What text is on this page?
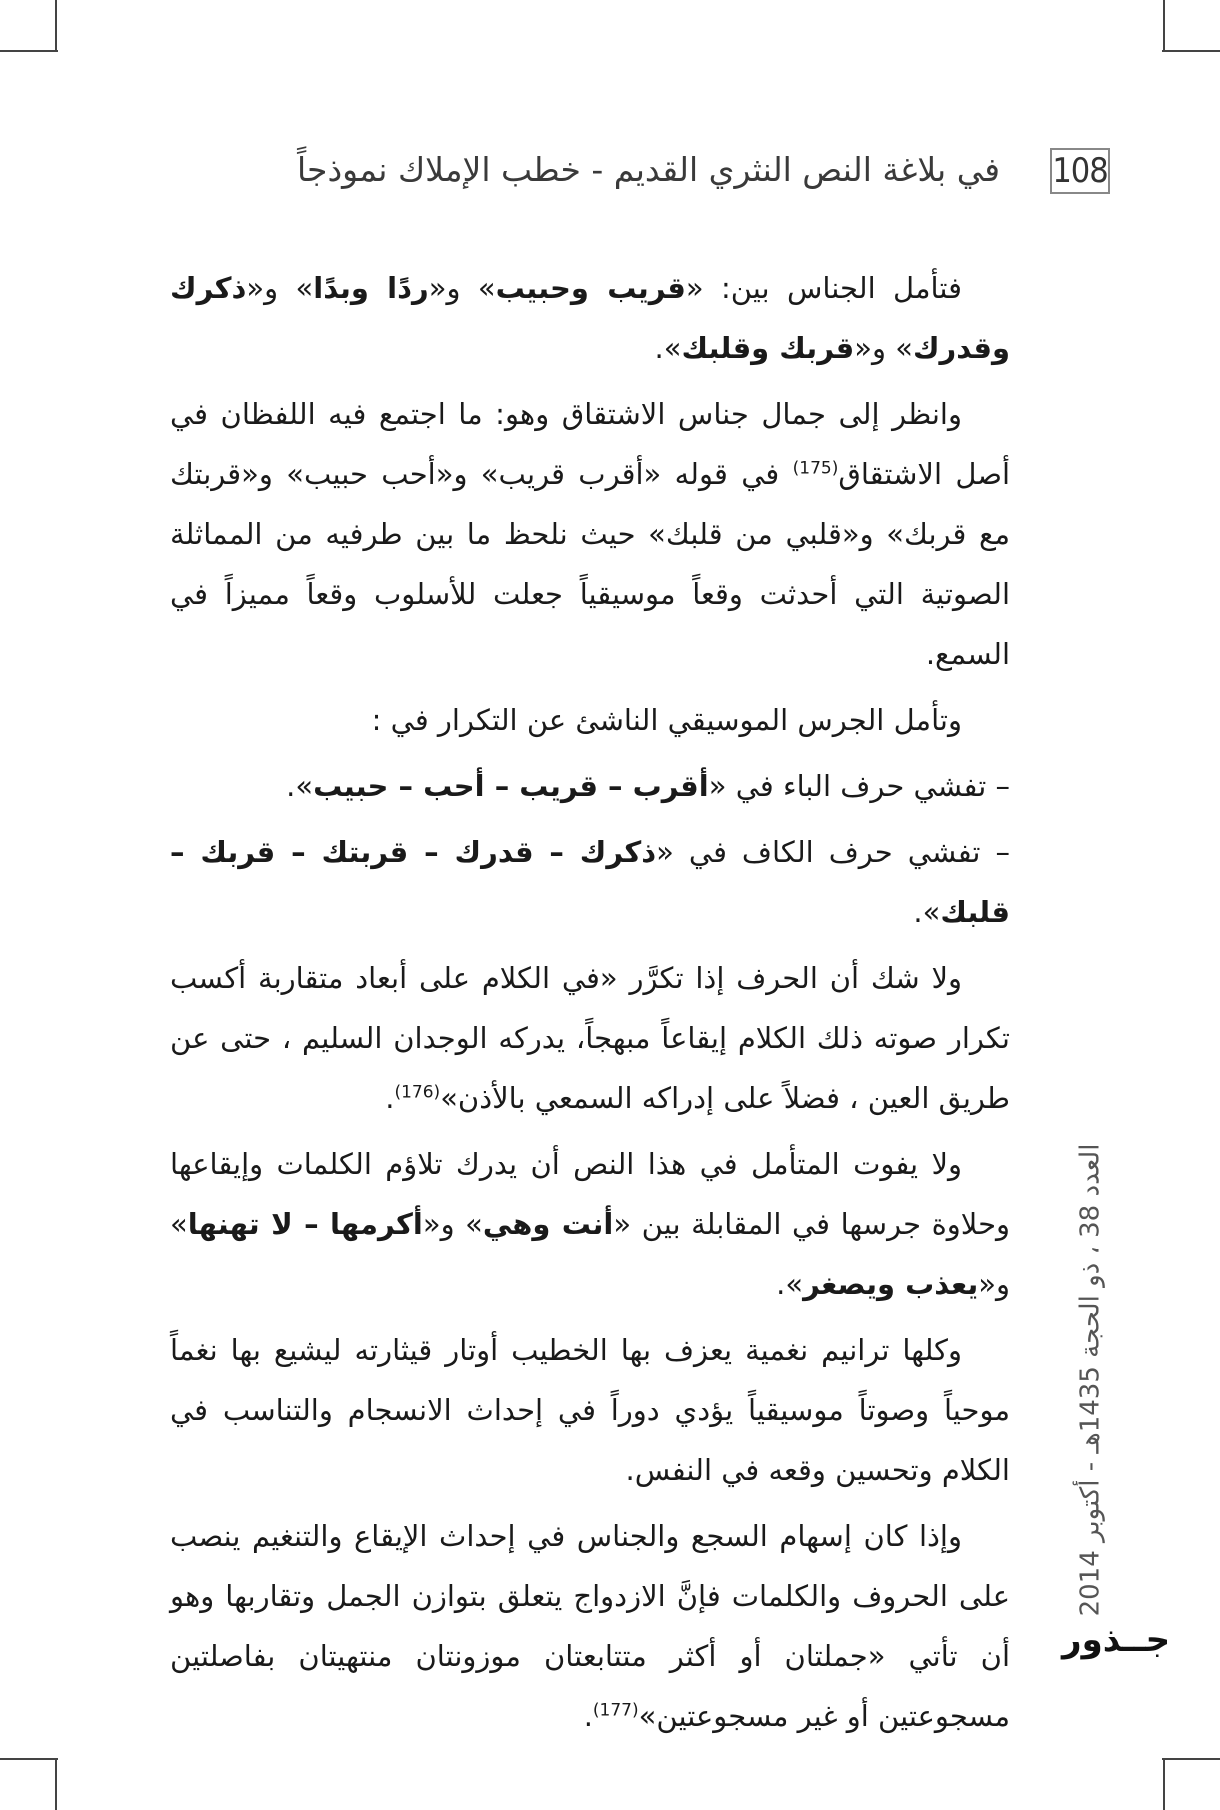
في بلاغة النص النثري القديم - خطب الإملاك نموذجاً 108
العدد 38 ، ذو الحجة 1435هـ - أكتوبر 2014
جــذور

فتأمل الجناس بين: «قريب وحبيب» و«ردًا وبدًا» و«ذكرك وقدرك» و«قربك وقلبك».

وانظر إلى جمال جناس الاشتقاق وهو: ما اجتمع فيه اللفظان في أصل الاشتقاق$^{(175)}$ في قوله «أقرب قريب» و«أحب حبيب» و«قربتك مع قربك» و«قلبي من قلبك» حيث نلحظ ما بين طرفيه من المماثلة الصوتية التي أحدثت وقعاً موسيقياً جعلت للأسلوب وقعاً مميزاً في السمع.

وتأمل الجرس الموسيقي الناشئ عن التكرار في :

– تفشي حرف الباء في «أقرب – قريب – أحب – حبيب».

– تفشي حرف الكاف في «ذكرك – قدرك – قربتك – قربك – قلبك».

ولا شك أن الحرف إذا تكرَّر «في الكلام على أبعاد متقاربة أكسب تكرار صوته ذلك الكلام إيقاعاً مبهجاً، يدركه الوجدان السليم ، حتى عن طريق العين ، فضلاً على إدراكه السمعي بالأذن»$^{(176)}$.

ولا يفوت المتأمل في هذا النص أن يدرك تلاؤم الكلمات وإيقاعها وحلاوة جرسها في المقابلة بين «أنت وهي» و«أكرمها – لا تهنها» و«يعذب ويصغر».

وكلها ترانيم نغمية يعزف بها الخطيب أوتار قيثارته ليشيع بها نغماً موحياً وصوتاً موسيقياً يؤدي دوراً في إحداث الانسجام والتناسب في الكلام وتحسين وقعه في النفس.

وإذا كان إسهام السجع والجناس في إحداث الإيقاع والتنغيم ينصب على الحروف والكلمات فإنَّ الازدواج يتعلق بتوازن الجمل وتقاربها وهو أن تأتي «جملتان أو أكثر متتابعتان موزونتان منتهيتان بفاصلتين مسجوعتين أو غير مسجوعتين»$^{(177)}$.
